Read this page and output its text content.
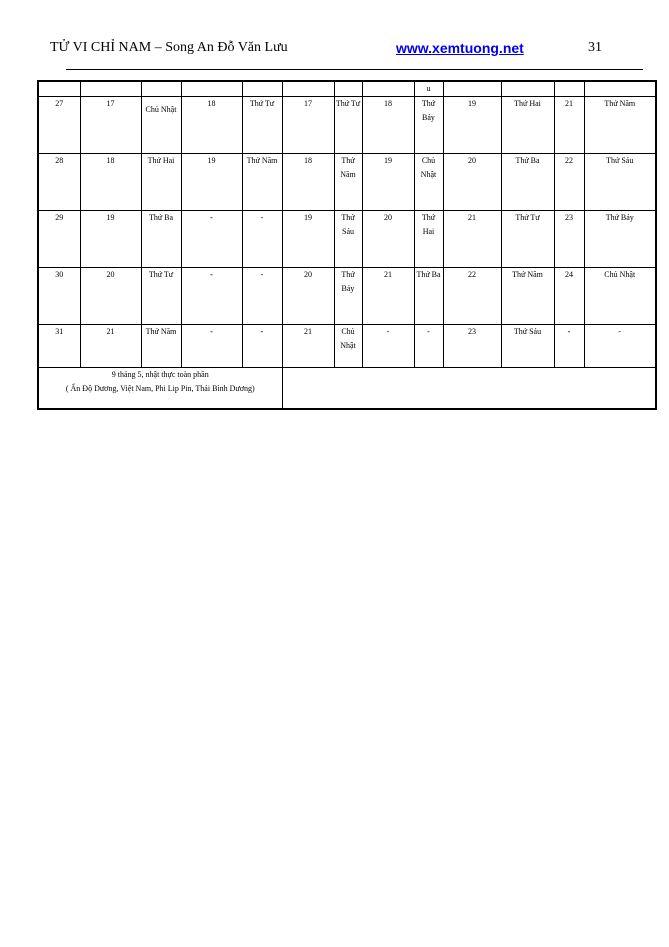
TỬ VI CHỈ NAM – Song An Đỗ Văn Lưu	www.xemtuong.net	31
								u				
27	17	Chủ Nhật	18	Thứ Tư	17	Thứ Tư	18	Thứ Bảy	19	Thứ Hai	21	Thứ Năm
28	18	Thứ Hai	19	Thứ Năm	18	Thứ Năm	19	Chủ Nhật	20	Thứ Ba	22	Thứ Sáu
29	19	Thứ Ba	-	-	19	Thứ Sáu	20	Thứ Hai	21	Thứ Tư	23	Thứ Bảy
30	20	Thứ Tư	-	-	20	Thứ Bảy	21	Thứ Ba	22	Thứ Năm	24	Chủ Nhật
31	21	Thứ Năm	-	-	21	Chủ Nhật	-	-	23	Thứ Sáu	-	-

9 tháng 5, nhật thực toàn phần
( Ấn Độ Dương, Việt Nam, Phi Lip Pin, Thái Bình Dương)												
